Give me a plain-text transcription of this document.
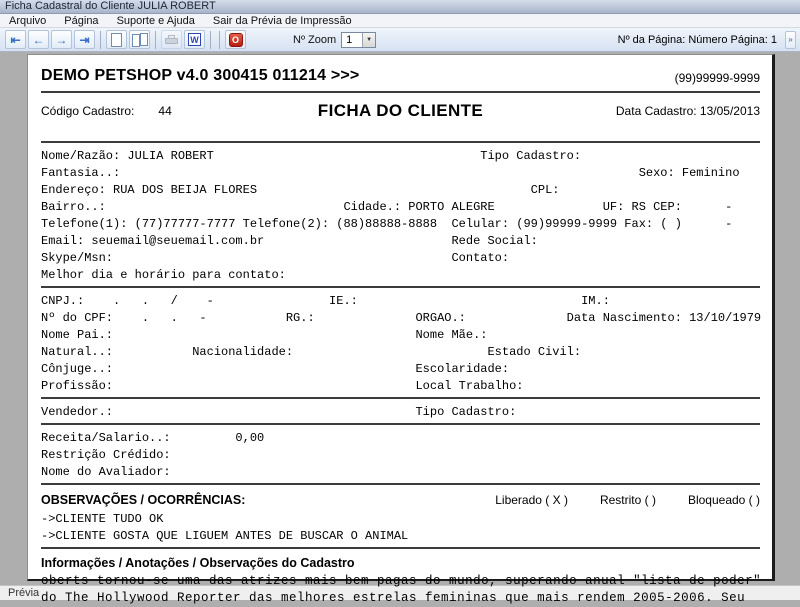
Ficha Cadastral do Cliente JULIA ROBERT
Arquivo	Página	Suporte e Ajuda	Sair da Prévia de Impressão
⇤ ← → ⇥	W	O	Nº Zoom 1	▼	Nº da Página: Número Página: 1	»
DEMO PETSHOP v4.0 300415 011214 >>>	(99)99999-9999
Código Cadastro: 44	FICHA DO CLIENTE	Data Cadastro: 13/05/2013
Nome/Razão: JULIA ROBERT                                     Tipo Cadastro:
Fantasia..:                                                                        Sexo: Feminino
Endereço: RUA DOS BEIJA FLORES                                      CPL:
Bairro..:                                 Cidade.: PORTO ALEGRE               UF: RS CEP:      -
Telefone(1): (77)77777-7777 Telefone(2): (88)88888-8888  Celular: (99)99999-9999 Fax: ( )      -
Email: seuemail@seuemail.com.br                          Rede Social:
Skype/Msn:                                               Contato:
Melhor dia e horário para contato:
CNPJ.:    .   .   /    -                IE.:                               IM.:
Nº do CPF:    .   .   -           RG.:              ORGAO.:              Data Nascimento: 13/10/1979
Nome Pai.:                                          Nome Mãe.:
Natural..:           Nacionalidade:                           Estado Civil:
Cônjuge..:                                          Escolaridade:
Profissão:                                          Local Trabalho:
Vendedor.:                                          Tipo Cadastro:
Receita/Salario..:         0,00
Restrição Crédido:
Nome do Avaliador:
OBSERVAÇÕES / OCORRÊNCIAS:	Liberado ( X )	Restrito ( )	Bloqueado ( )
->CLIENTE TUDO OK
->CLIENTE GOSTA QUE LIGUEM ANTES DE BUSCAR O ANIMAL
Informações / Anotações / Observações do Cadastro
oberts tornou-se uma das atrizes mais bem pagas do mundo, superando anual "lista de poder"
do The Hollywood Reporter das melhores estrelas femininas que mais rendem 2005-2006. Seu
Prévia
